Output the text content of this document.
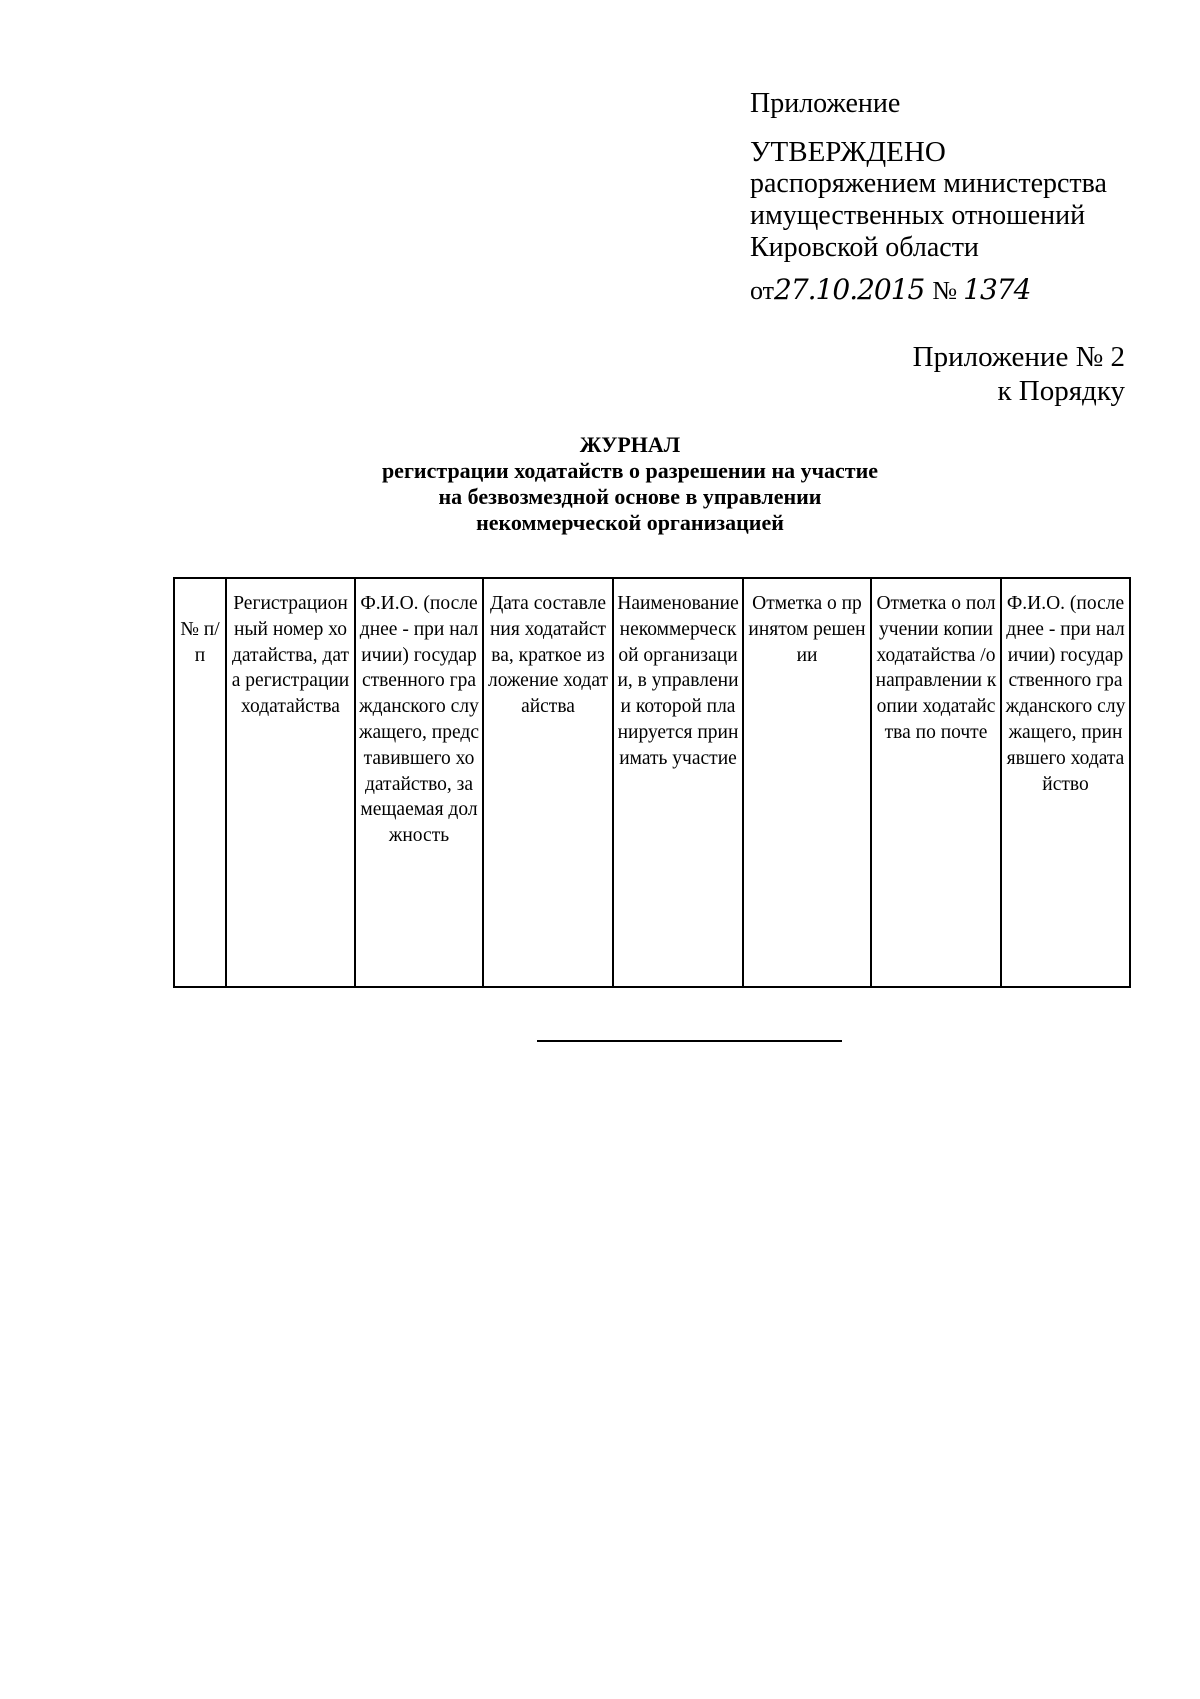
Приложение

УТВЕРЖДЕНО

распоряжением министерства

имущественных отношений

Кировской области

от27.10.2015 № 1374

Приложение № 2

к Порядку

ЖУРНАЛ

регистрации ходатайств о разрешении на участие

на безвозмездной основе в управлении

некоммерческой организацией

№ п/п	Регистрационный номер ходатайства, дата регистрации ходатайства	Ф.И.О. (последнее - при наличии) государственного гражданского служащего, представившего ходатайство, замещаемая должность	Дата составления ходатайства, краткое изложение ходатайства	Наименование некоммерческой организации, в управлении которой планируется принимать участие	Отметка о принятом решении	Отметка о получении копии ходатайства /о направлении копии ходатайства по почте	Ф.И.О. (последнее - при наличии) государственного гражданского служащего, принявшего ходатайство
